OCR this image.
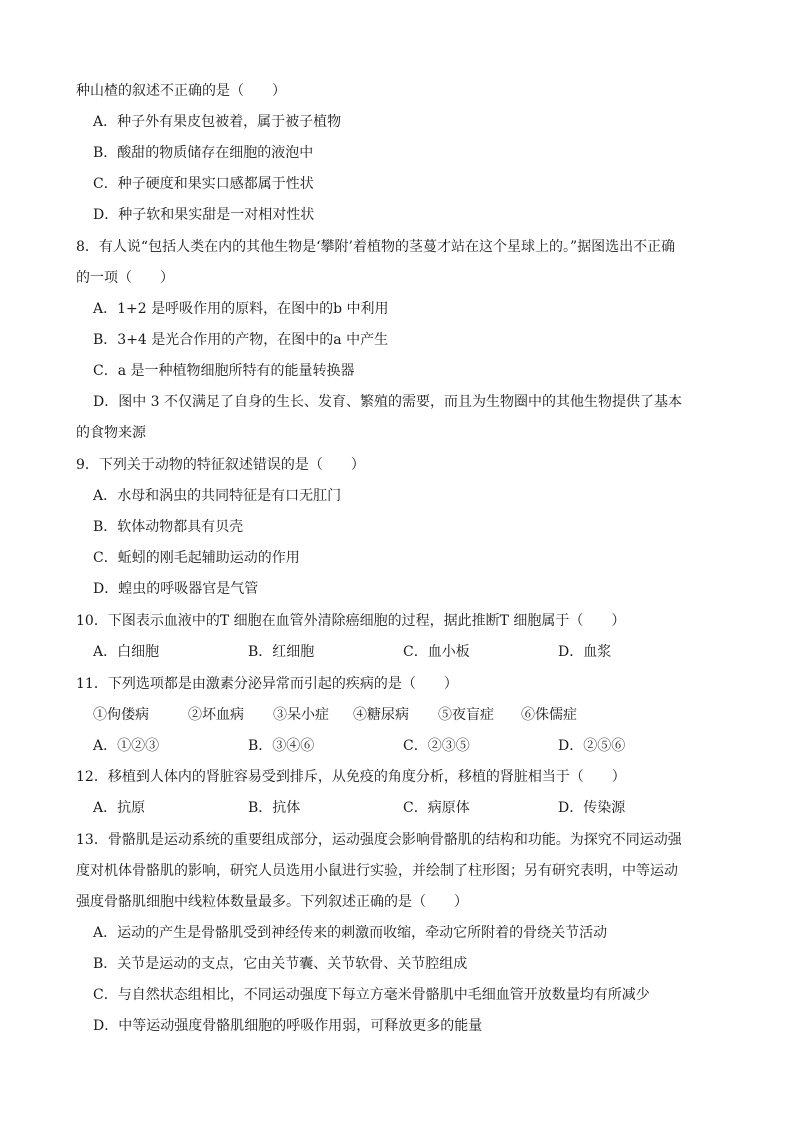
种山楂的叙述不正确的是（　　）
A．种子外有果皮包被着，属于被子植物
B．酸甜的物质储存在细胞的液泡中
C．种子硬度和果实口感都属于性状
D．种子软和果实甜是一对相对性状
8．有人说“包括人类在内的其他生物是‘攀附’着植物的茎蔓才站在这个星球上的。”据图选出不正确
的一项（　　）
A．1+2 是呼吸作用的原料，在图中的b 中利用
B．3+4 是光合作用的产物，在图中的a 中产生
C．a 是一种植物细胞所特有的能量转换器
D．图中 3 不仅满足了自身的生长、发育、繁殖的需要，而且为生物圈中的其他生物提供了基本
的食物来源
9．下列关于动物的特征叙述错误的是（　　）
A．水母和涡虫的共同特征是有口无肛门
B．软体动物都具有贝壳
C．蚯蚓的刚毛起辅助运动的作用
D．蝗虫的呼吸器官是气管
10．下图表示血液中的T 细胞在血管外清除癌细胞的过程，据此推断T 细胞属于（　　）
A．白细胞	B．红细胞	C．血小板	D．血浆
11．下列选项都是由激素分泌异常而引起的疾病的是（　　）
①佝偻病	②坏血病 ③呆小症 ④糖尿病 ⑤夜盲症 ⑥侏儒症
A．①②③	B．③④⑥	C．②③⑤	D．②⑤⑥
12．移植到人体内的肾脏容易受到排斥，从免疫的角度分析，移植的肾脏相当于（　　）
A．抗原	B．抗体	C．病原体	D．传染源
13．骨骼肌是运动系统的重要组成部分，运动强度会影响骨骼肌的结构和功能。为探究不同运动强
度对机体骨骼肌的影响，研究人员选用小鼠进行实验，并绘制了柱形图；另有研究表明，中等运动
强度骨骼肌细胞中线粒体数量最多。下列叙述正确的是（　　）
A．运动的产生是骨骼肌受到神经传来的刺激而收缩，牵动它所附着的骨绕关节活动
B．关节是运动的支点，它由关节囊、关节软骨、关节腔组成
C．与自然状态组相比，不同运动强度下每立方毫米骨骼肌中毛细血管开放数量均有所减少
D．中等运动强度骨骼肌细胞的呼吸作用弱，可释放更多的能量
